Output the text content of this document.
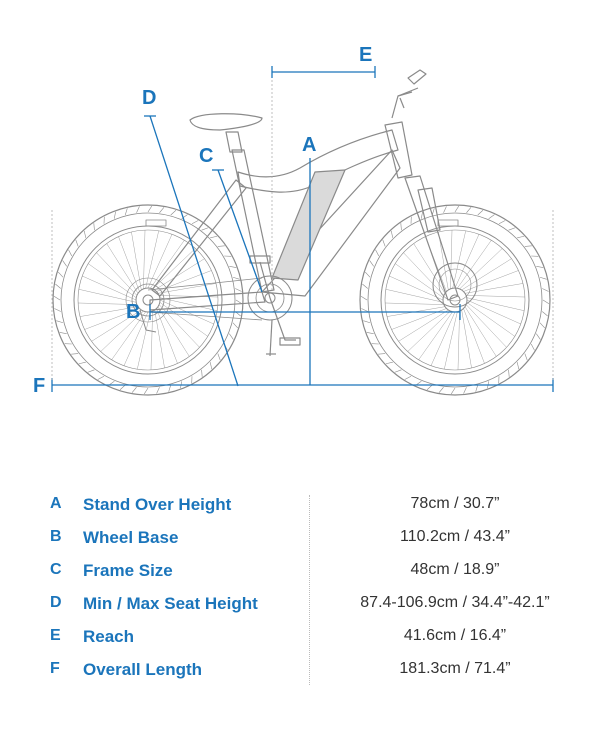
A
B
C
D
E
F
A Stand Over Height	78cm / 30.7”
B Wheel Base	110.2cm / 43.4”
C Frame Size	48cm / 18.9”
D Min / Max Seat Height	87.4-106.9cm / 34.4”-42.1”
E Reach	41.6cm / 16.4”
F Overall Length	181.3cm / 71.4”
